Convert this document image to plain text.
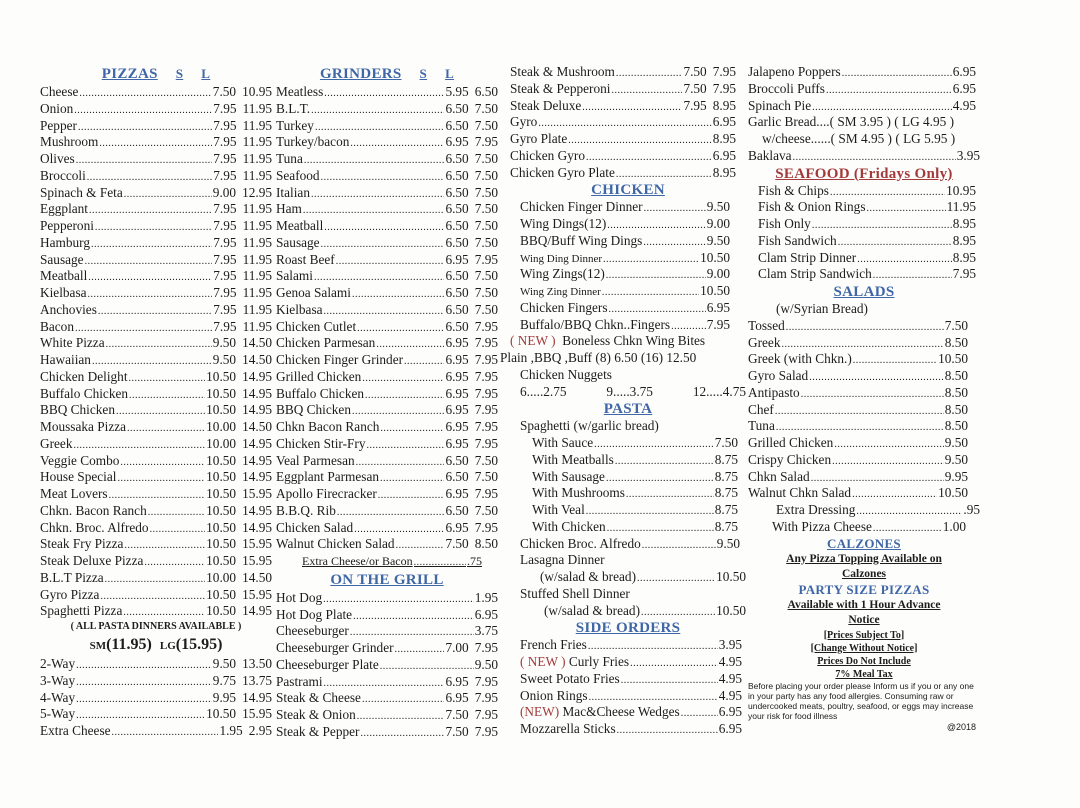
PIZZAS S L
Cheese .....	7.50 10.95
Onion .....	7.95 11.95
Pepper .....	7.95 11.95
Mushroom .....	7.95 11.95
Olives .....	7.95 11.95
Broccoli .....	7.95 11.95
Spinach & Feta .....	9.00 12.95
Eggplant .....	7.95 11.95
Pepperoni .....	7.95 11.95
Hamburg .....	7.95 11.95
Sausage .....	7.95 11.95
Meatball .....	7.95 11.95
Kielbasa .....	7.95 11.95
Anchovies .....	7.95 11.95
Bacon .....	7.95 11.95
White Pizza .....	9.50 14.50
Hawaiian .....	9.50 14.50
Chicken Delight .....	10.50 14.95
Buffalo Chicken .....	10.50 14.95
BBQ Chicken .....	10.50 14.95
Moussaka Pizza .....	10.00 14.50
Greek .....	10.00 14.95
Veggie Combo .....	10.50 14.95
House Special .....	10.50 14.95
Meat Lovers .....	10.50 15.95
Chkn. Bacon Ranch .....	10.50 14.95
Chkn. Broc. Alfredo .....	10.50 14.95
Steak Fry Pizza .....	10.50 15.95
Steak Deluxe Pizza .....	10.50 15.95
B.L.T Pizza .....	10.00 14.50
Gyro Pizza .....	10.50 15.95
Spaghetti Pizza .....	10.50 14.95
( ALL PASTA DINNERS AVAILABLE )
SM(11.95) LG(15.95)
2-Way .....	9.50 13.50
3-Way .....	9.75 13.75
4-Way .....	9.95 14.95
5-Way .....	10.50 15.95
Extra Cheese .....	1.95 2.95
GRINDERS S L
Meatless .....	5.95 6.50
B.L.T. .....	6.50 7.50
Turkey .....	6.50 7.50
Turkey/bacon .....	6.95 7.95
Tuna .....	6.50 7.50
Seafood .....	6.50 7.50
Italian .....	6.50 7.50
Ham .....	6.50 7.50
Meatball .....	6.50 7.50
Sausage .....	6.50 7.50
Roast Beef .....	6.95 7.95
Salami .....	6.50 7.50
Genoa Salami .....	6.50 7.50
Kielbasa .....	6.50 7.50
Chicken Cutlet .....	6.50 7.95
Chicken Parmesan .....	6.95 7.95
Chicken Finger Grinder .....	6.95 7.95
Grilled Chicken .....	6.95 7.95
Buffalo Chicken .....	6.95 7.95
BBQ Chicken .....	6.95 7.95
Chkn Bacon Ranch .....	6.95 7.95
Chicken Stir-Fry .....	6.95 7.95
Veal Parmesan .....	6.50 7.50
Eggplant Parmesan .....	6.50 7.50
Apollo Firecracker .....	6.95 7.95
B.B.Q. Rib .....	6.50 7.50
Chicken Salad .....	6.95 7.95
Walnut Chicken Salad .....	7.50 8.50
Extra Cheese/or Bacon .....	.75
ON THE GRILL
Hot Dog .....	1.95
Hot Dog Plate .....	6.95
Cheeseburger .....	3.75
Cheeseburger Grinder .....	7.00 7.95
Cheeseburger Plate .....	9.50
Pastrami .....	6.95 7.95
Steak & Cheese .....	6.95 7.95
Steak & Onion .....	7.50 7.95
Steak & Pepper .....	7.50 7.95
Steak & Mushroom .....	7.50 7.95
Steak & Pepperoni .....	7.50 7.95
Steak Deluxe .....	7.95 8.95
Gyro .....	6.95
Gyro Plate .....	8.95
Chicken Gyro .....	6.95
Chicken Gyro Plate .....	8.95
CHICKEN
Chicken Finger Dinner .....	9.50
Wing Dings(12) .....	9.00
BBQ/Buff Wing Dings .....	9.50
Wing Ding Dinner .....	10.50
Wing Zings(12) .....	9.00
Wing Zing Dinner .....	10.50
Chicken Fingers .....	6.95
Buffalo/BBQ Chkn..Fingers .....	7.95
( NEW )
Boneless Chkn Wing Bites
Plain ,BBQ ,Buff (8) 6.50 (16) 12.50
Chicken Nuggets
6.....2.75	9.....3.75	12.....4.75
PASTA
Spaghetti (w/garlic bread)
With Sauce .....	7.50
With Meatballs .....	8.75
With Sausage .....	8.75
With Mushrooms .....	8.75
With Veal .....	8.75
With Chicken .....	8.75
Chicken Broc. Alfredo .....	9.50
Lasagna Dinner
(w/salad & bread) .....	10.50
Stuffed Shell Dinner
(w/salad & bread) .....	10.50
SIDE ORDERS
French Fries .....	3.95
( NEW )
Curly Fries .....	4.95
Sweet Potato Fries .....	4.95
Onion Rings .....	4.95
(NEW)
Mac&Cheese Wedges .....	6.95
Mozzarella Sticks .....	6.95
Jalapeno Poppers .....	6.95
Broccoli Puffs .....	6.95
Spinach Pie .....	4.95
Garlic Bread....( SM 3.95 ) ( LG 4.95 )
w/cheese......( SM 4.95 ) ( LG 5.95 )
Baklava .....	3.95
SEAFOOD (Fridays Only)
Fish & Chips .....	10.95
Fish & Onion Rings .....	11.95
Fish Only .....	8.95
Fish Sandwich .....	8.95
Clam Strip Dinner .....	8.95
Clam Strip Sandwich .....	7.95
SALADS
(w/Syrian Bread)
Tossed .....	7.50
Greek .....	8.50
Greek (with Chkn.) .....	10.50
Gyro Salad .....	8.50
Antipasto .....	8.50
Chef .....	8.50
Tuna .....	8.50
Grilled Chicken .....	9.50
Crispy Chicken .....	9.50
Chkn Salad .....	9.95
Walnut Chkn Salad .....	10.50
Extra Dressing .....	.95
With Pizza Cheese .....	1.00
CALZONES
Any Pizza Topping Available on
Calzones
PARTY SIZE PIZZAS
Available with 1 Hour Advance
Notice
[Prices Subject To]
[Change Without Notice]
Prices Do Not Include
7% Meal Tax
Before placing your order please Inform us if you or any one in your party has any food allergies. Consuming raw or undercooked meats, poultry, seafood, or eggs may increase your risk for food illness
@2018
